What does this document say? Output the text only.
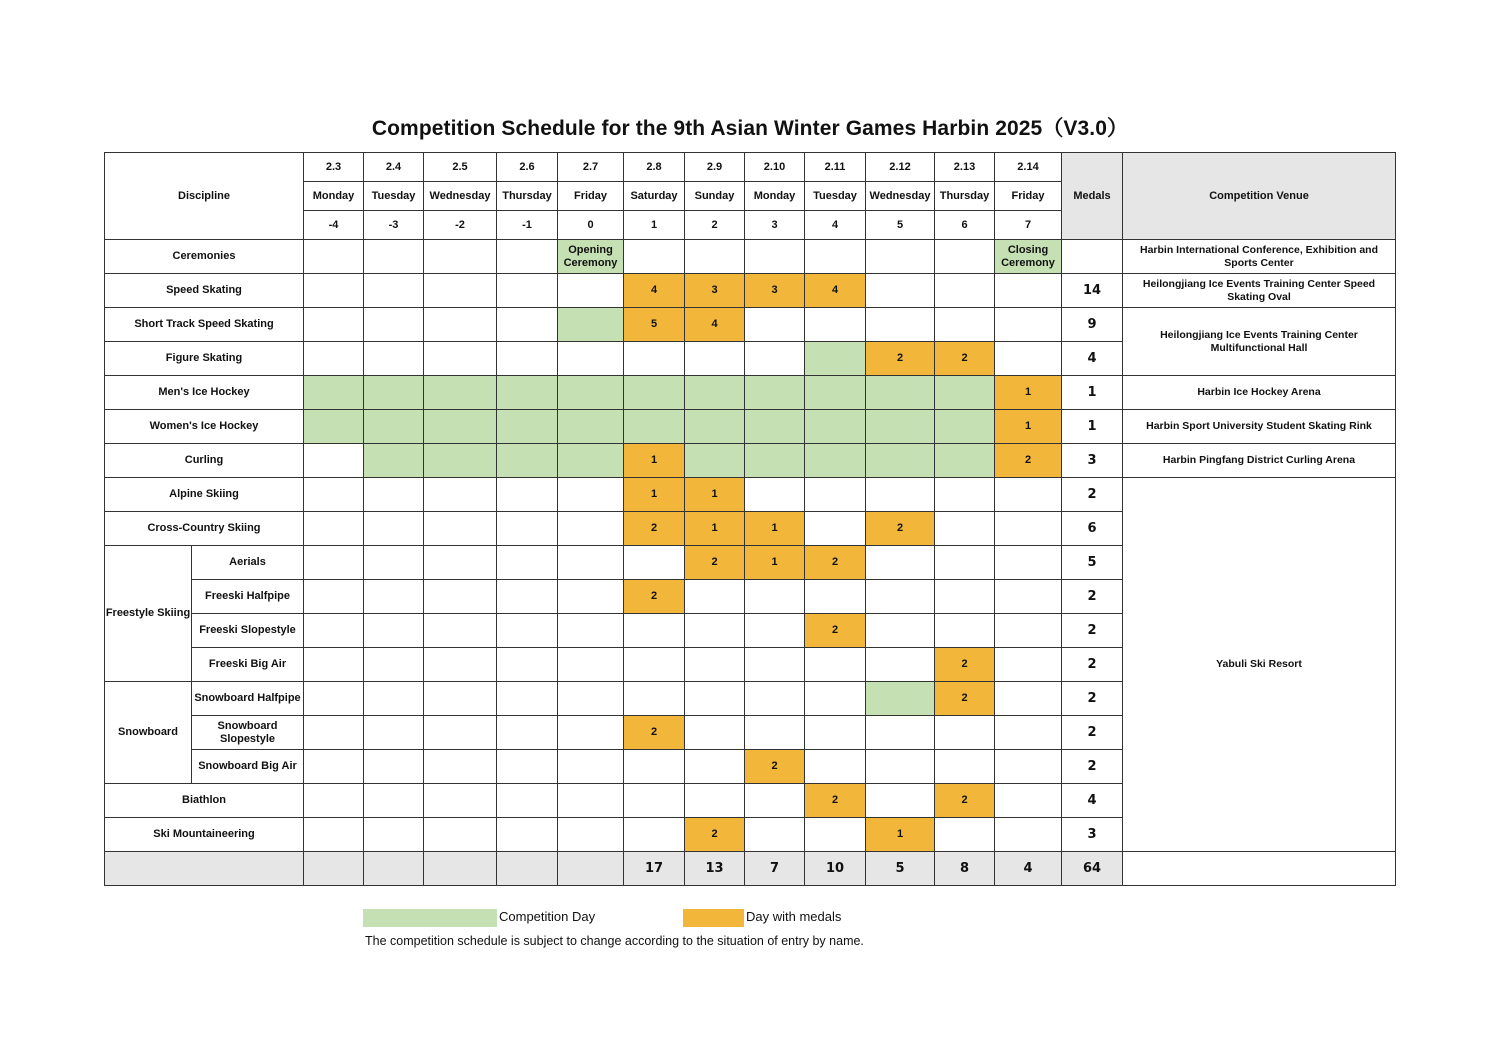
Competition Schedule for the 9th Asian Winter Games Harbin 2025（V3.0）
Discipline		2.3	2.4	2.5	2.6	2.7	2.8	2.9	2.10	2.11	2.12	2.13	2.14	Medals	Competition Venue
		Monday	Tuesday	Wednesday	Thursday	Friday	Saturday	Sunday	Monday	Tuesday	Wednesday	Thursday	Friday		
		-4	-3	-2	-1	0	1	2	3	4	5	6	7		
Ceremonies						Opening Ceremony							Closing Ceremony		Harbin International Conference, Exhibition and Sports Center
Speed Skating							4	3	3	4				14	Heilongjiang Ice Events Training Center Speed Skating Oval
Short Track Speed Skating							5	4						9	Heilongjiang Ice Events Training Center Multifunctional Hall
Figure Skating											2	2		4	
Men's Ice Hockey													1	1	Harbin Ice Hockey Arena
Women's Ice Hockey													1	1	Harbin Sport University Student Skating Rink
Curling							1						2	3	Harbin Pingfang District Curling Arena
Alpine Skiing							1	1						2	Yabuli Ski Resort
Cross-Country Skiing							2	1	1		2			6	
Freestyle Skiing	Aerials							2	1	2				5	
	Freeski Halfpipe						2							2	
	Freeski Slopestyle									2				2	
	Freeski Big Air											2		2	
Snowboard	Snowboard Halfpipe											2		2	
	Snowboard Slopestyle						2							2	
	Snowboard Big Air								2					2	
Biathlon										2		2		4	
Ski Mountaineering								2			1			3	
							17	13	7	10	5	8	4	64	
Competition Day	Day with medals
The competition schedule is subject to change according to the situation of entry by name.
